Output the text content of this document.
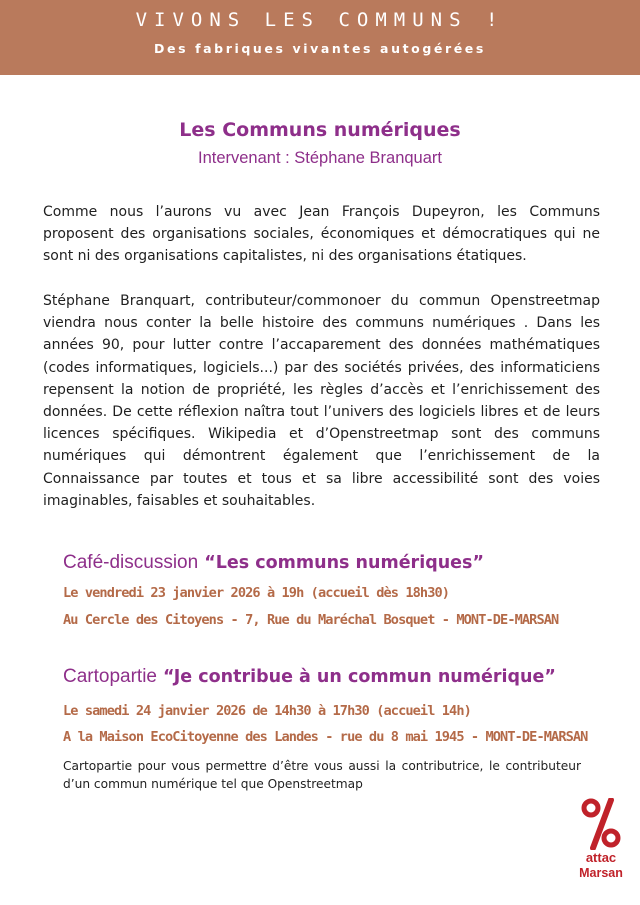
VIVONS LES COMMUNS !
Des fabriques vivantes autogérées
Les Communs numériques
Intervenant : Stéphane Branquart

Comme nous l’aurons vu avec Jean François Dupeyron, les Communs proposent des organisations sociales, économiques et démocratiques qui ne sont ni des organisations capitalistes, ni des organisations étatiques.

Stéphane Branquart, contributeur/commonoer du commun Openstreetmap viendra nous conter la belle histoire des communs numériques . Dans les années 90, pour lutter contre l’accaparement des données mathématiques (codes informatiques, logiciels...) par des sociétés privées, des informaticiens repensent la notion de propriété, les règles d’accès et l’enrichissement des données. De cette réflexion naîtra tout l’univers des logiciels libres et de leurs licences spécifiques. Wikipedia et d’Openstreetmap sont des communs numériques qui démontrent également que l’enrichissement de la Connaissance par toutes et tous et sa libre accessibilité sont des voies imaginables, faisables et souhaitables.

Café-discussion “Les communs numériques”
Le vendredi 23 janvier 2026 à 19h (accueil dès 18h30)
Au Cercle des Citoyens - 7, Rue du Maréchal Bosquet - MONT-DE-MARSAN
Cartopartie “Je contribue à un commun numérique”
Le samedi 24 janvier 2026 de 14h30 à 17h30 (accueil 14h)
A la Maison EcoCitoyenne des Landes - rue du 8 mai 1945 - MONT-DE-MARSAN

Cartopartie pour vous permettre d’être vous aussi la contributrice, le contributeur d’un commun numérique tel que Openstreetmap

attac
Marsan
